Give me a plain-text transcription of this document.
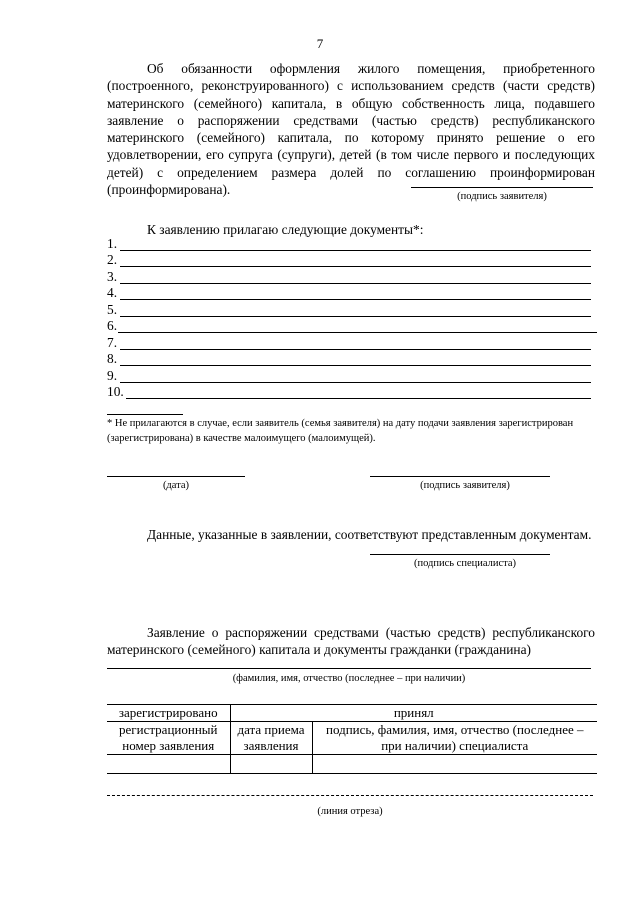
7
Об обязанности оформления жилого помещения, приобретенного (построенного, реконструированного) с использованием средств (части средств) материнского (семейного) капитала, в общую собственность лица, подавшего заявление о распоряжении средствами (частью средств) республиканского материнского (семейного) капитала, по которому принято решение о его удовлетворении, его супруга (супруги), детей (в том числе первого и последующих детей) с определением размера долей по соглашению проинформирован (проинформирована).	(подпись заявителя)
К заявлению прилагаю следующие документы*:
1.
2.
3.
4.
5.
6.
7.
8.
9.
10.
* Не прилагаются в случае, если заявитель (семья заявителя) на дату подачи заявления зарегистрирован (зарегистрирована) в качестве малоимущего (малоимущей).
(дата)	(подпись заявителя)
Данные, указанные в заявлении, соответствуют представленным документам.
(подпись специалиста)
Заявление о распоряжении средствами (частью средств) республиканского материнского (семейного) капитала и документы гражданки (гражданина)
(фамилия, имя, отчество (последнее – при наличии)
зарегистрировано	принял	
регистрационный номер заявления	дата приема заявления	подпись, фамилия, имя, отчество (последнее – при наличии) специалиста

(линия отреза)
